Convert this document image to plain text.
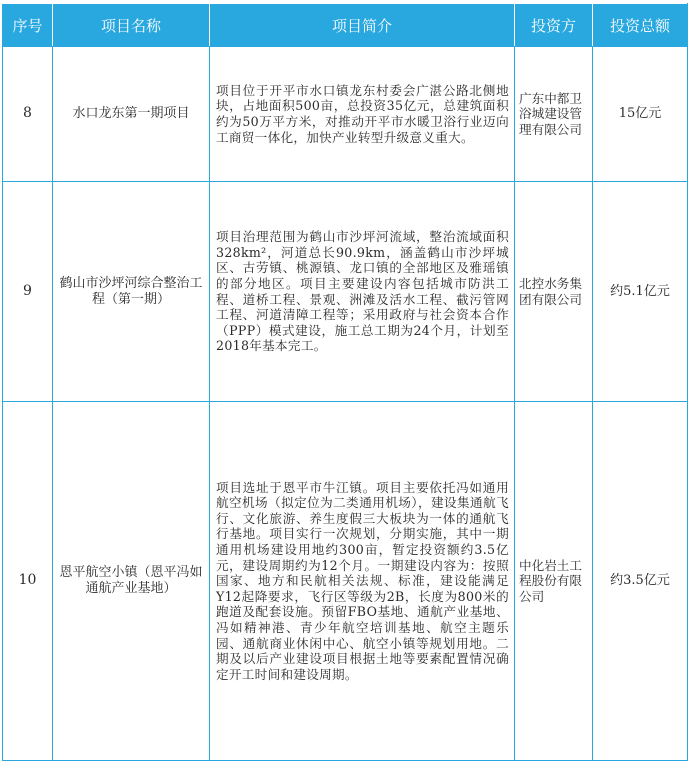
序号	项目名称	项目简介	投资方	投资总额
8	水口龙东第一期项目	项目位于开平市水口镇龙东村委会广湛公路北侧地块，占地面积500亩，总投资35亿元，总建筑面积约为50万平方米，对推动开平市水暖卫浴行业迈向工商贸一体化，加快产业转型升级意义重大。	广东中都卫浴城建设管理有限公司	15亿元
9	鹤山市沙坪河综合整治工程（第一期）	项目治理范围为鹤山市沙坪河流域，整治流域面积328km²，河道总长90.9km，涵盖鹤山市沙坪城区、古劳镇、桃源镇、龙口镇的全部地区及雅瑶镇的部分地区。项目主要建设内容包括城市防洪工程、道桥工程、景观、洲滩及活水工程、截污管网工程、河道清障工程等；采用政府与社会资本合作（PPP）模式建设，施工总工期为24个月，计划至2018年基本完工。	北控水务集团有限公司	约5.1亿元
10	恩平航空小镇（恩平冯如通航产业基地）	项目选址于恩平市牛江镇。项目主要依托冯如通用航空机场（拟定位为二类通用机场），建设集通航飞行、文化旅游、养生度假三大板块为一体的通航飞行基地。项目实行一次规划，分期实施，其中一期通用机场建设用地约300亩，暂定投资额约3.5亿元，建设周期约为12个月。一期建设内容为：按照国家、地方和民航相关法规、标准，建设能满足Y12起降要求，飞行区等级为2B，长度为800米的跑道及配套设施。预留FBO基地、通航产业基地、冯如精神港、青少年航空培训基地、航空主题乐园、通航商业休闲中心、航空小镇等规划用地。二期及以后产业建设项目根据土地等要素配置情况确定开工时间和建设周期。	中化岩土工程股份有限公司	约3.5亿元
